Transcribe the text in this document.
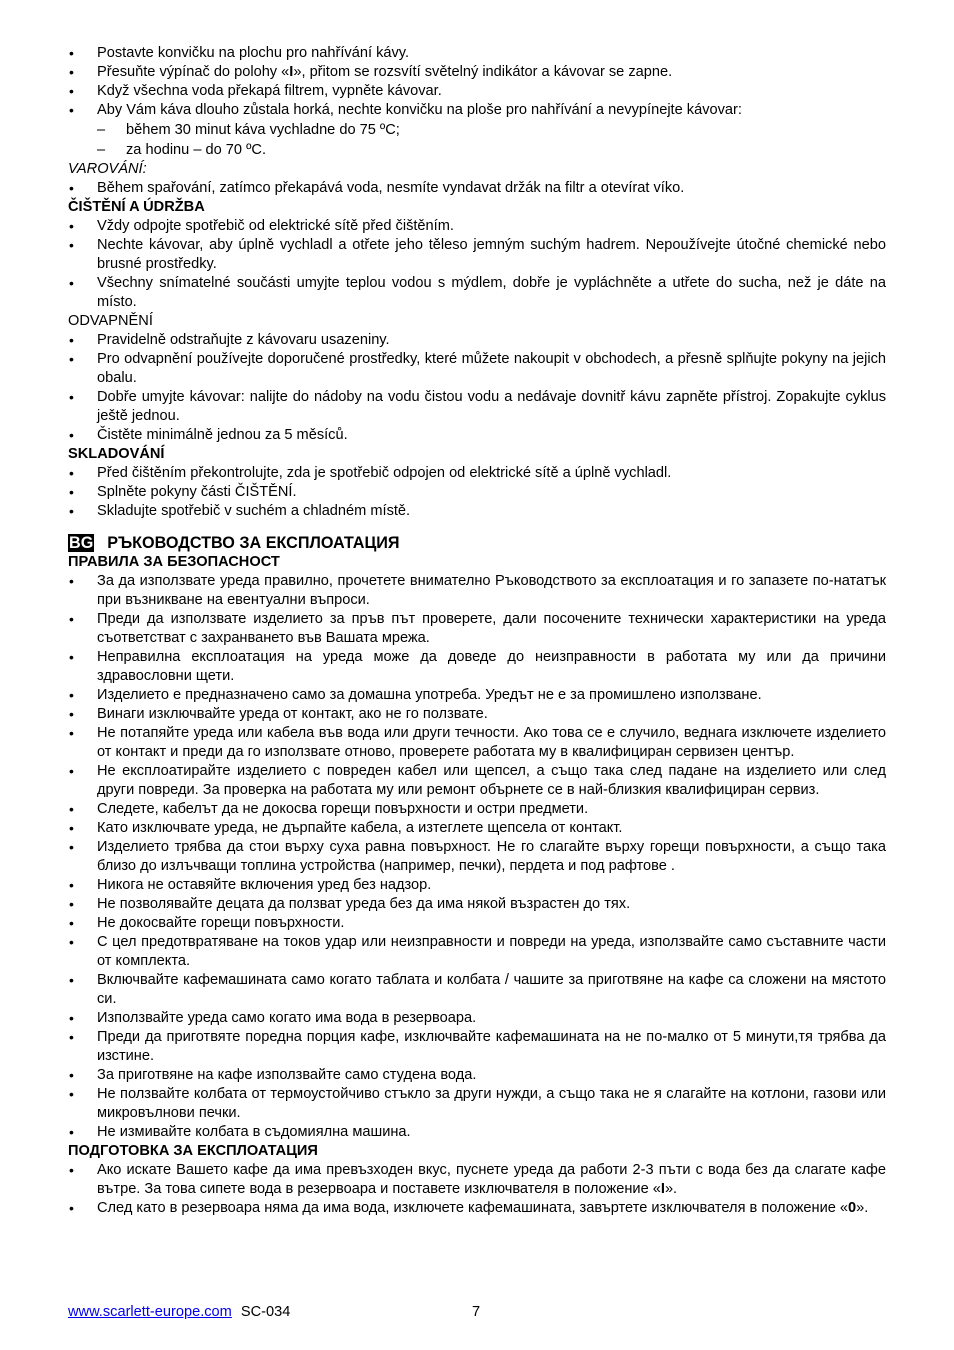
• Postavte konvičku na plochu pro nahřívání kávy.
• Přesuňte výpínač do polohy «I», přitom se rozsvítí světelný indikátor a kávovar se zapne.
• Když všechna voda překapá filtrem, vypněte kávovar.
• Aby Vám káva dlouho zůstala horká, nechte konvičku na ploše pro nahřívání a nevypínejte kávovar:
– během 30 minut káva vychladne do 75 ºC;
– za hodinu – do 70 ºC.
VAROVÁNÍ:
• Během spařování, zatímco překapává voda, nesmíte vyndavat držák na filtr a otevírat víko.
ČIŠTĚNÍ A ÚDRŽBA
• Vždy odpojte spotřebič od elektrické sítě před čištěním.
• Nechte kávovar, aby úplně vychladl a otřete jeho těleso jemným suchým hadrem. Nepoužívejte útočné chemické nebo brusné prostředky.
• Všechny snímatelné součásti umyjte teplou vodou s mýdlem, dobře je vypláchněte a utřete do sucha, než je dáte na místo.
ODVAPNĚNÍ
• Pravidelně odstraňujte z kávovaru usazeniny.
• Pro odvapnění používejte doporučené prostředky, které můžete nakoupit v obchodech, a přesně splňujte pokyny na jejich obalu.
• Dobře umyjte kávovar: nalijte do nádoby na vodu čistou vodu a nedávaje dovnitř kávu zapněte přístroj. Zopakujte cyklus ještě jednou.
• Čistěte minimálně jednou za 5 měsíců.
SKLADOVÁNÍ
• Před čištěním překontrolujte, zda je spotřebič odpojen od elektrické sítě a úplně vychladl.
• Splněte pokyny části ČIŠTĚNÍ.
• Skladujte spotřebič v suchém a chladném místě.
BG РЪКОВОДСТВО ЗА ЕКСПЛОАТАЦИЯ
ПРАВИЛА ЗА БЕЗОПАСНОСТ
• За да използвате уреда правилно, прочетете внимателно Ръководството за експлоатация и го запазете по-нататък при възникване на евентуални въпроси.
• Преди да използвате изделието за пръв път проверете, дали посочените технически характеристики на уреда съответстват с захранването във Вашата мрежа.
• Неправилна експлоатация на уреда може да доведе до неизправности в работата му или да причини здравословни щети.
• Изделието е предназначено само за домашна употреба. Уредът не е за промишлено използване.
• Винаги изключвайте уреда от контакт, ако не го ползвате.
• Не потапяйте уреда или кабела във вода или други течности. Ако това се е случило, веднага изключете изделието от контакт и преди да го използвате отново, проверете работата му в квалифициран сервизен център.
• Не експлоатирайте изделието с повреден кабел или щепсел, а също така след падане на изделието или след други повреди. За проверка на работата му или ремонт обърнете се в най-близкия квалифициран сервиз.
• Следете, кабелът да не докосва горещи повърхности и остри предмети.
• Като изключвате уреда, не дърпайте кабела, а изтеглете щепсела от контакт.
• Изделието трябва да стои върху суха равна повърхност. Не го слагайте върху горещи повърхности, а също така близо до излъчващи топлина устройства (например, печки), пердета и под рафтове .
• Никога не оставяйте включения уред без надзор.
• Не позволявайте децата да ползват уреда без да има някой възрастен до тях.
• Не докосвайте горещи повърхности.
• С цел предотвратяване на токов удар или неизправности и повреди на уреда, използвайте само съставните части от комплекта.
• Включвайте кафемашината само когато таблата и колбата / чашите за приготвяне на кафе са сложени на мястото си.
• Използвайте уреда само когато има вода в резервоара.
• Преди да приготвяте поредна порция кафе, изключвайте кафемашината на не по-малко от 5 минути,тя трябва да изстине.
• За приготвяне на кафе използвайте само студена вода.
• Не ползвайте колбата от термоустойчиво стъкло за други нужди, а също така не я слагайте на котлони, газови или микровълнови печки.
• Не измивайте колбата в съдомиялна машина.
ПОДГОТОВКА ЗА ЕКСПЛОАТАЦИЯ
• Ако искате Вашето кафе да има превъзходен вкус, пуснете уреда да работи 2-3 пъти с вода без да слагате кафе вътре. За това сипете вода в резервоара и поставете изключвателя в положение «I».
• След като в резервоара няма да има вода, изключете кафемашината, завъртете изключвателя в положение «0».
www.scarlett-europe.com SC-034	7
